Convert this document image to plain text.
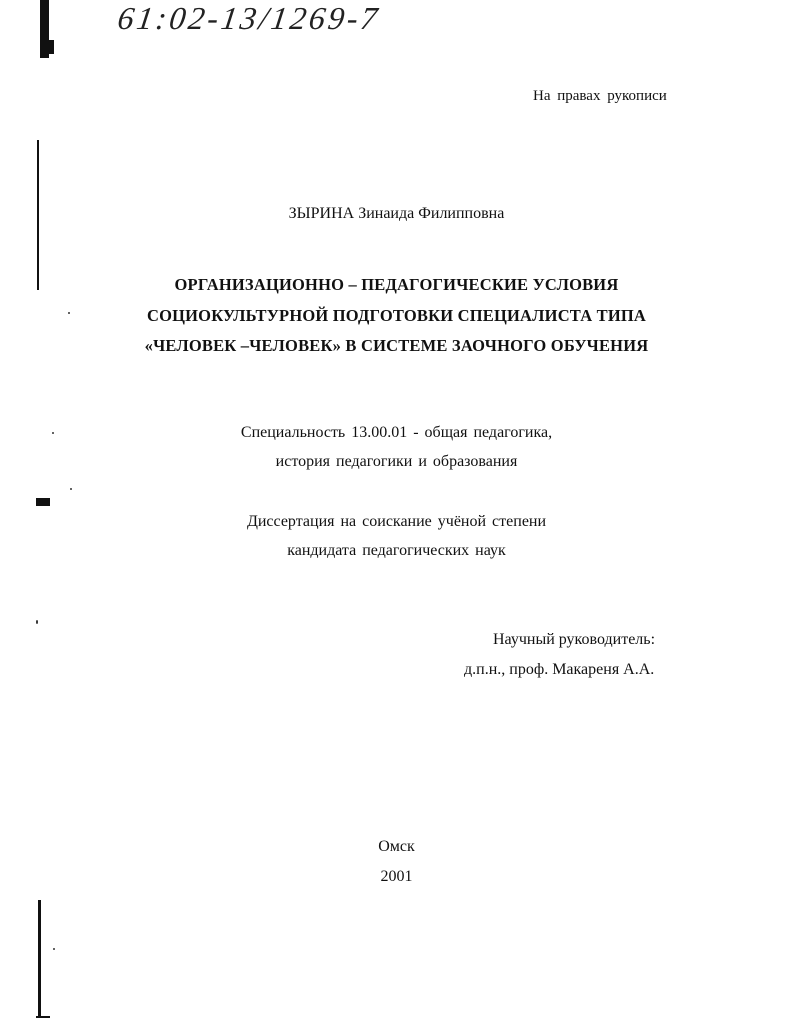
61:02-13/1269-7
На правах рукописи
ЗЫРИНА Зинаида Филипповна
ОРГАНИЗАЦИОННО – ПЕДАГОГИЧЕСКИЕ УСЛОВИЯ
СОЦИОКУЛЬТУРНОЙ ПОДГОТОВКИ СПЕЦИАЛИСТА ТИПА
«ЧЕЛОВЕК –ЧЕЛОВЕК» В СИСТЕМЕ ЗАОЧНОГО ОБУЧЕНИЯ
Специальность 13.00.01 - общая педагогика,
история педагогики и образования
Диссертация на соискание учёной степени
кандидата педагогических наук
Научный руководитель:
д.п.н., проф. Макареня А.А.
Омск
2001
